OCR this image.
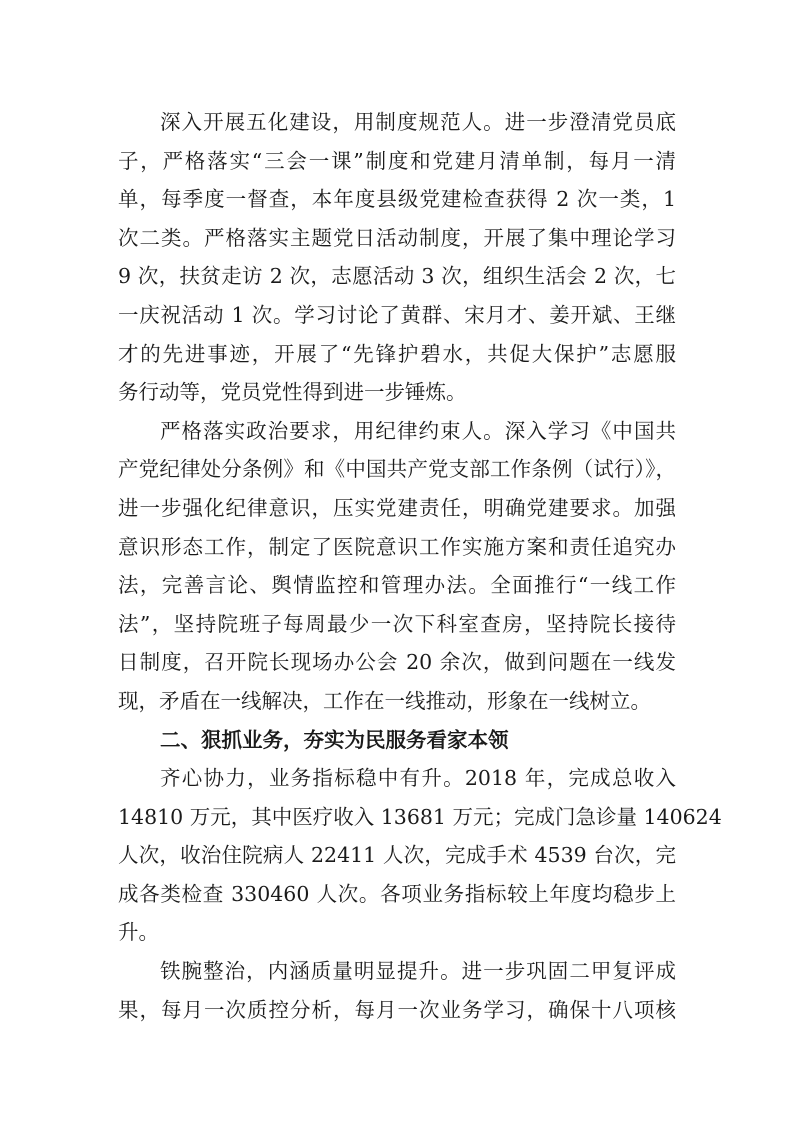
深入开展五化建设，用制度规范人。进一步澄清党员底
子，严格落实“三会一课”制度和党建月清单制，每月一清
单，每季度一督查，本年度县级党建检查获得 2 次一类，1
次二类。严格落实主题党日活动制度，开展了集中理论学习
9 次，扶贫走访 2 次，志愿活动 3 次，组织生活会 2 次，七
一庆祝活动 1 次。学习讨论了黄群、宋月才、姜开斌、王继
才的先进事迹，开展了“先锋护碧水，共促大保护”志愿服
务行动等，党员党性得到进一步锤炼。
严格落实政治要求，用纪律约束人。深入学习《中国共
产党纪律处分条例》和《中国共产党支部工作条例（试行）》，
进一步强化纪律意识，压实党建责任，明确党建要求。加强
意识形态工作，制定了医院意识工作实施方案和责任追究办
法，完善言论、舆情监控和管理办法。全面推行“一线工作
法”，坚持院班子每周最少一次下科室查房，坚持院长接待
日制度，召开院长现场办公会 20 余次，做到问题在一线发
现，矛盾在一线解决，工作在一线推动，形象在一线树立。
二、狠抓业务，夯实为民服务看家本领
齐心协力，业务指标稳中有升。2018 年，完成总收入
14810 万元，其中医疗收入 13681 万元；完成门急诊量 140624
人次，收治住院病人 22411 人次，完成手术 4539 台次，完
成各类检查 330460 人次。各项业务指标较上年度均稳步上
升。
铁腕整治，内涵质量明显提升。进一步巩固二甲复评成
果，每月一次质控分析，每月一次业务学习，确保十八项核
